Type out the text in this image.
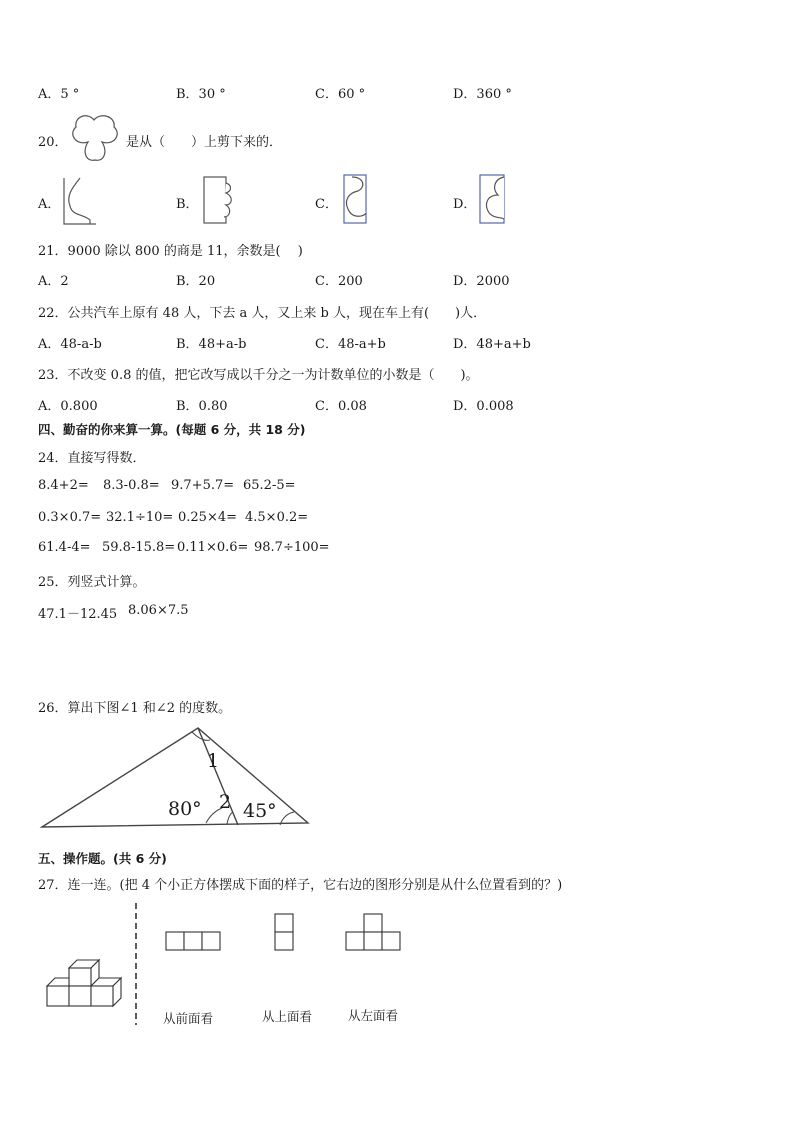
A．5 °	B．30 °	C．60 °	D．360 °
20．	是从（　　）上剪下来的．
A．	B．	C．	D．
21．9000 除以 800 的商是 11，余数是(　 )
A．2	B．20	C．200	D．2000
22．公共汽车上原有 48 人，下去 a 人，又上来 b 人，现在车上有(　　)人．
A．48-a-b	B．48+a-b	C．48-a+b	D．48+a+b
23．不改变 0.8 的值，把它改写成以千分之一为计数单位的小数是（　　)。
A．0.800	B．0.80	C．0.08	D．0.008
四、勤奋的你来算一算。(每题 6 分，共 18 分)
24．直接写得数．
8.4+2= 8.3-0.8= 9.7+5.7= 65.2-5=
0.3×0.7= 32.1÷10= 0.25×4= 4.5×0.2=
61.4-4= 59.8-15.8= 0.11×0.6= 98.7÷100=
25．列竖式计算。
47.1－12.45 8.06×7.5
26．算出下图∠1 和∠2 的度数。
1
2
80° 45°
五、操作题。(共 6 分)
27．连一连。(把 4 个小正方体摆成下面的样子，它右边的图形分别是从什么位置看到的？)
从前面看	从上面看	从左面看
